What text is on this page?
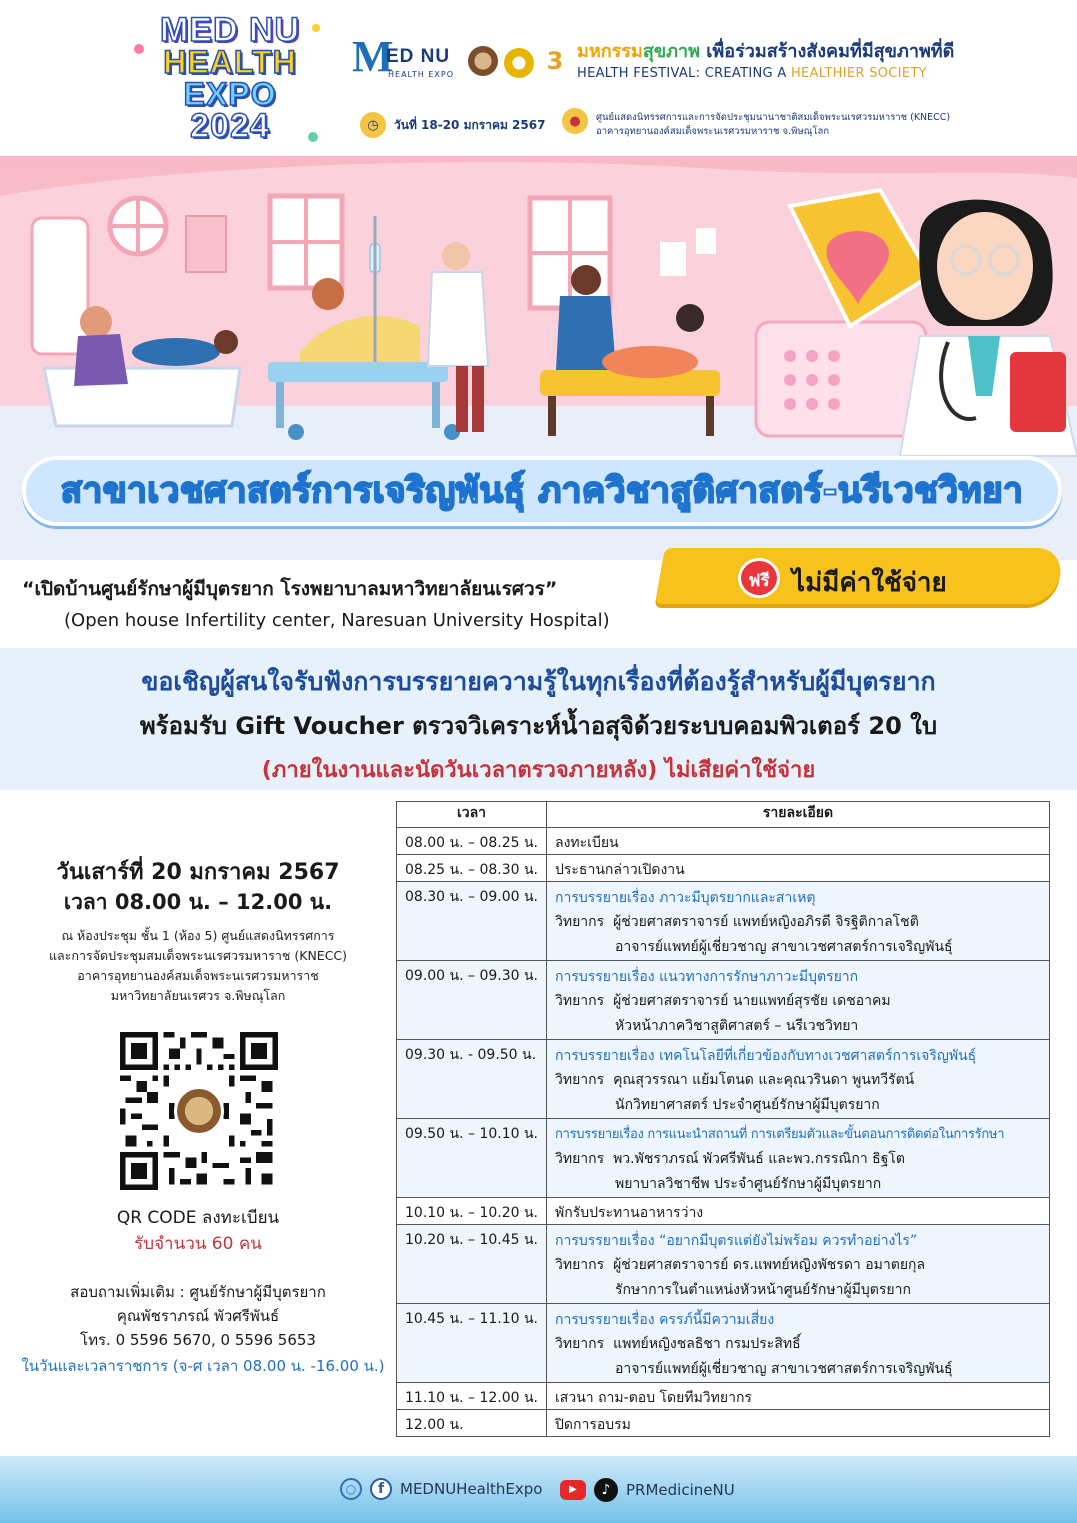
MED NU
HEALTH
EXPO
2024
M
ED NU
HEALTH EXPO	3 มหกรรมสุขภาพ เพื่อร่วมสร้างสังคมที่มีสุขภาพที่ดี
HEALTH FESTIVAL: CREATING A HEALTHIER SOCIETY
◷	วันที่ 18-20 มกราคม 2567	●	ศูนย์แสดงนิทรรศการและการจัดประชุมนานาชาติสมเด็จพระนเรศวรมหาราช (KNECC)
อาคารอุทยานองค์สมเด็จพระนเรศวรมหาราช จ.พิษณุโลก
สาขาเวชศาสตร์การเจริญพันธุ์ ภาควิชาสูติศาสตร์-นรีเวชวิทยา
ฟรี ไม่มีค่าใช้จ่าย
“เปิดบ้านศูนย์รักษาผู้มีบุตรยาก โรงพยาบาลมหาวิทยาลัยนเรศวร”
(Open house Infertility center, Naresuan University Hospital)
ขอเชิญผู้สนใจรับฟังการบรรยายความรู้ในทุกเรื่องที่ต้องรู้สำหรับผู้มีบุตรยาก
พร้อมรับ Gift Voucher ตรวจวิเคราะห์น้ำอสุจิด้วยระบบคอมพิวเตอร์ 20 ใบ
(ภายในงานและนัดวันเวลาตรวจภายหลัง) ไม่เสียค่าใช้จ่าย
วันเสาร์ที่ 20 มกราคม 2567
เวลา 08.00 น. – 12.00 น.
ณ ห้องประชุม ชั้น 1 (ห้อง 5) ศูนย์แสดงนิทรรศการ
และการจัดประชุมสมเด็จพระนเรศวรมหาราช (KNECC)
อาคารอุทยานองค์สมเด็จพระนเรศวรมหาราช
มหาวิทยาลัยนเรศวร จ.พิษณุโลก
QR CODE ลงทะเบียน
รับจำนวน 60 คน
สอบถามเพิ่มเติม : ศูนย์รักษาผู้มีบุตรยาก
คุณพัชราภรณ์ พัวศรีพันธ์
โทร. 0 5596 5670, 0 5596 5653
ในวันและเวลาราชการ (จ-ศ เวลา 08.00 น. -16.00 น.)
เวลา	รายละเอียด
08.00 น. – 08.25 น.	ลงทะเบียน
08.25 น. – 08.30 น.	ประธานกล่าวเปิดงาน
08.30 น. – 09.00 น.	การบรรยายเรื่อง ภาวะมีบุตรยากและสาเหตุ
วิทยากร ผู้ช่วยศาสตราจารย์ แพทย์หญิงอภิรดี จิรฐิติกาลโชติ
อาจารย์แพทย์ผู้เชี่ยวชาญ สาขาเวชศาสตร์การเจริญพันธุ์

09.00 น. – 09.30 น.	การบรรยายเรื่อง แนวทางการรักษาภาวะมีบุตรยาก
วิทยากร ผู้ช่วยศาสตราจารย์ นายแพทย์สุรชัย เดชอาคม
หัวหน้าภาควิชาสูติศาสตร์ – นรีเวชวิทยา

09.30 น. - 09.50 น.	การบรรยายเรื่อง เทคโนโลยีที่เกี่ยวข้องกับทางเวชศาสตร์การเจริญพันธุ์
วิทยากร คุณสุวรรณา แย้มโตนด และคุณวรินดา พูนทวีรัตน์
นักวิทยาศาสตร์ ประจำศูนย์รักษาผู้มีบุตรยาก

09.50 น. – 10.10 น.	การบรรยายเรื่อง การแนะนำสถานที่ การเตรียมตัวและขั้นตอนการติดต่อในการรักษา
วิทยากร พว.พัชราภรณ์ พัวศรีพันธ์ และพว.กรรณิกา ธิฐโต
พยาบาลวิชาชีพ ประจำศูนย์รักษาผู้มีบุตรยาก

10.10 น. – 10.20 น.	พักรับประทานอาหารว่าง
10.20 น. – 10.45 น.	การบรรยายเรื่อง “อยากมีบุตรแต่ยังไม่พร้อม ควรทำอย่างไร”
วิทยากร ผู้ช่วยศาสตราจารย์ ดร.แพทย์หญิงพัชรดา อมาตยกุล
รักษาการในตำแหน่งหัวหน้าศูนย์รักษาผู้มีบุตรยาก

10.45 น. – 11.10 น.	การบรรยายเรื่อง ครรภ์นี้มีความเสี่ยง
วิทยากร แพทย์หญิงชลธิชา กรมประสิทธิ์
อาจารย์แพทย์ผู้เชี่ยวชาญ สาขาเวชศาสตร์การเจริญพันธุ์

11.10 น. – 12.00 น.	เสวนา ถาม-ตอบ โดยทีมวิทยากร
12.00 น.	ปิดการอบรม
○	f	MEDNUHealthExpo	▶	♪	PRMedicineNU
